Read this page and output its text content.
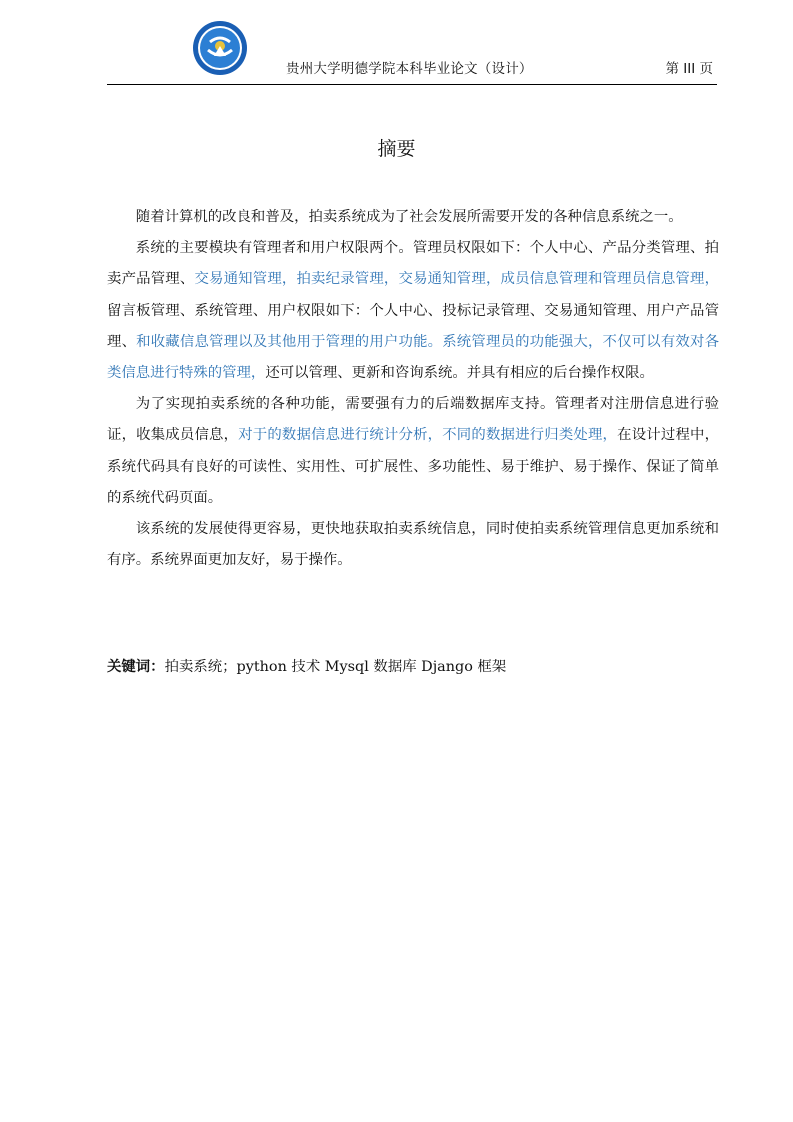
贵州大学明德学院本科毕业论文（设计）	第 III 页
摘要

随着计算机的改良和普及，拍卖系统成为了社会发展所需要开发的各种信息系统之一。

系统的主要模块有管理者和用户权限两个。管理员权限如下：个人中心、产品分类管理、拍卖产品管理、交易通知管理，拍卖纪录管理，交易通知管理，成员信息管理和管理员信息管理，留言板管理、系统管理、用户权限如下：个人中心、投标记录管理、交易通知管理、用户产品管理、和收藏信息管理以及其他用于管理的用户功能。系统管理员的功能强大，不仅可以有效对各类信息进行特殊的管理，还可以管理、更新和咨询系统。并具有相应的后台操作权限。

为了实现拍卖系统的各种功能，需要强有力的后端数据库支持。管理者对注册信息进行验证，收集成员信息，对于的数据信息进行统计分析，不同的数据进行归类处理，在设计过程中，系统代码具有良好的可读性、实用性、可扩展性、多功能性、易于维护、易于操作、保证了简单的系统代码页面。

该系统的发展使得更容易，更快地获取拍卖系统信息，同时使拍卖系统管理信息更加系统和有序。系统界面更加友好，易于操作。

关键词：拍卖系统；python 技术 Mysql 数据库 Django 框架
